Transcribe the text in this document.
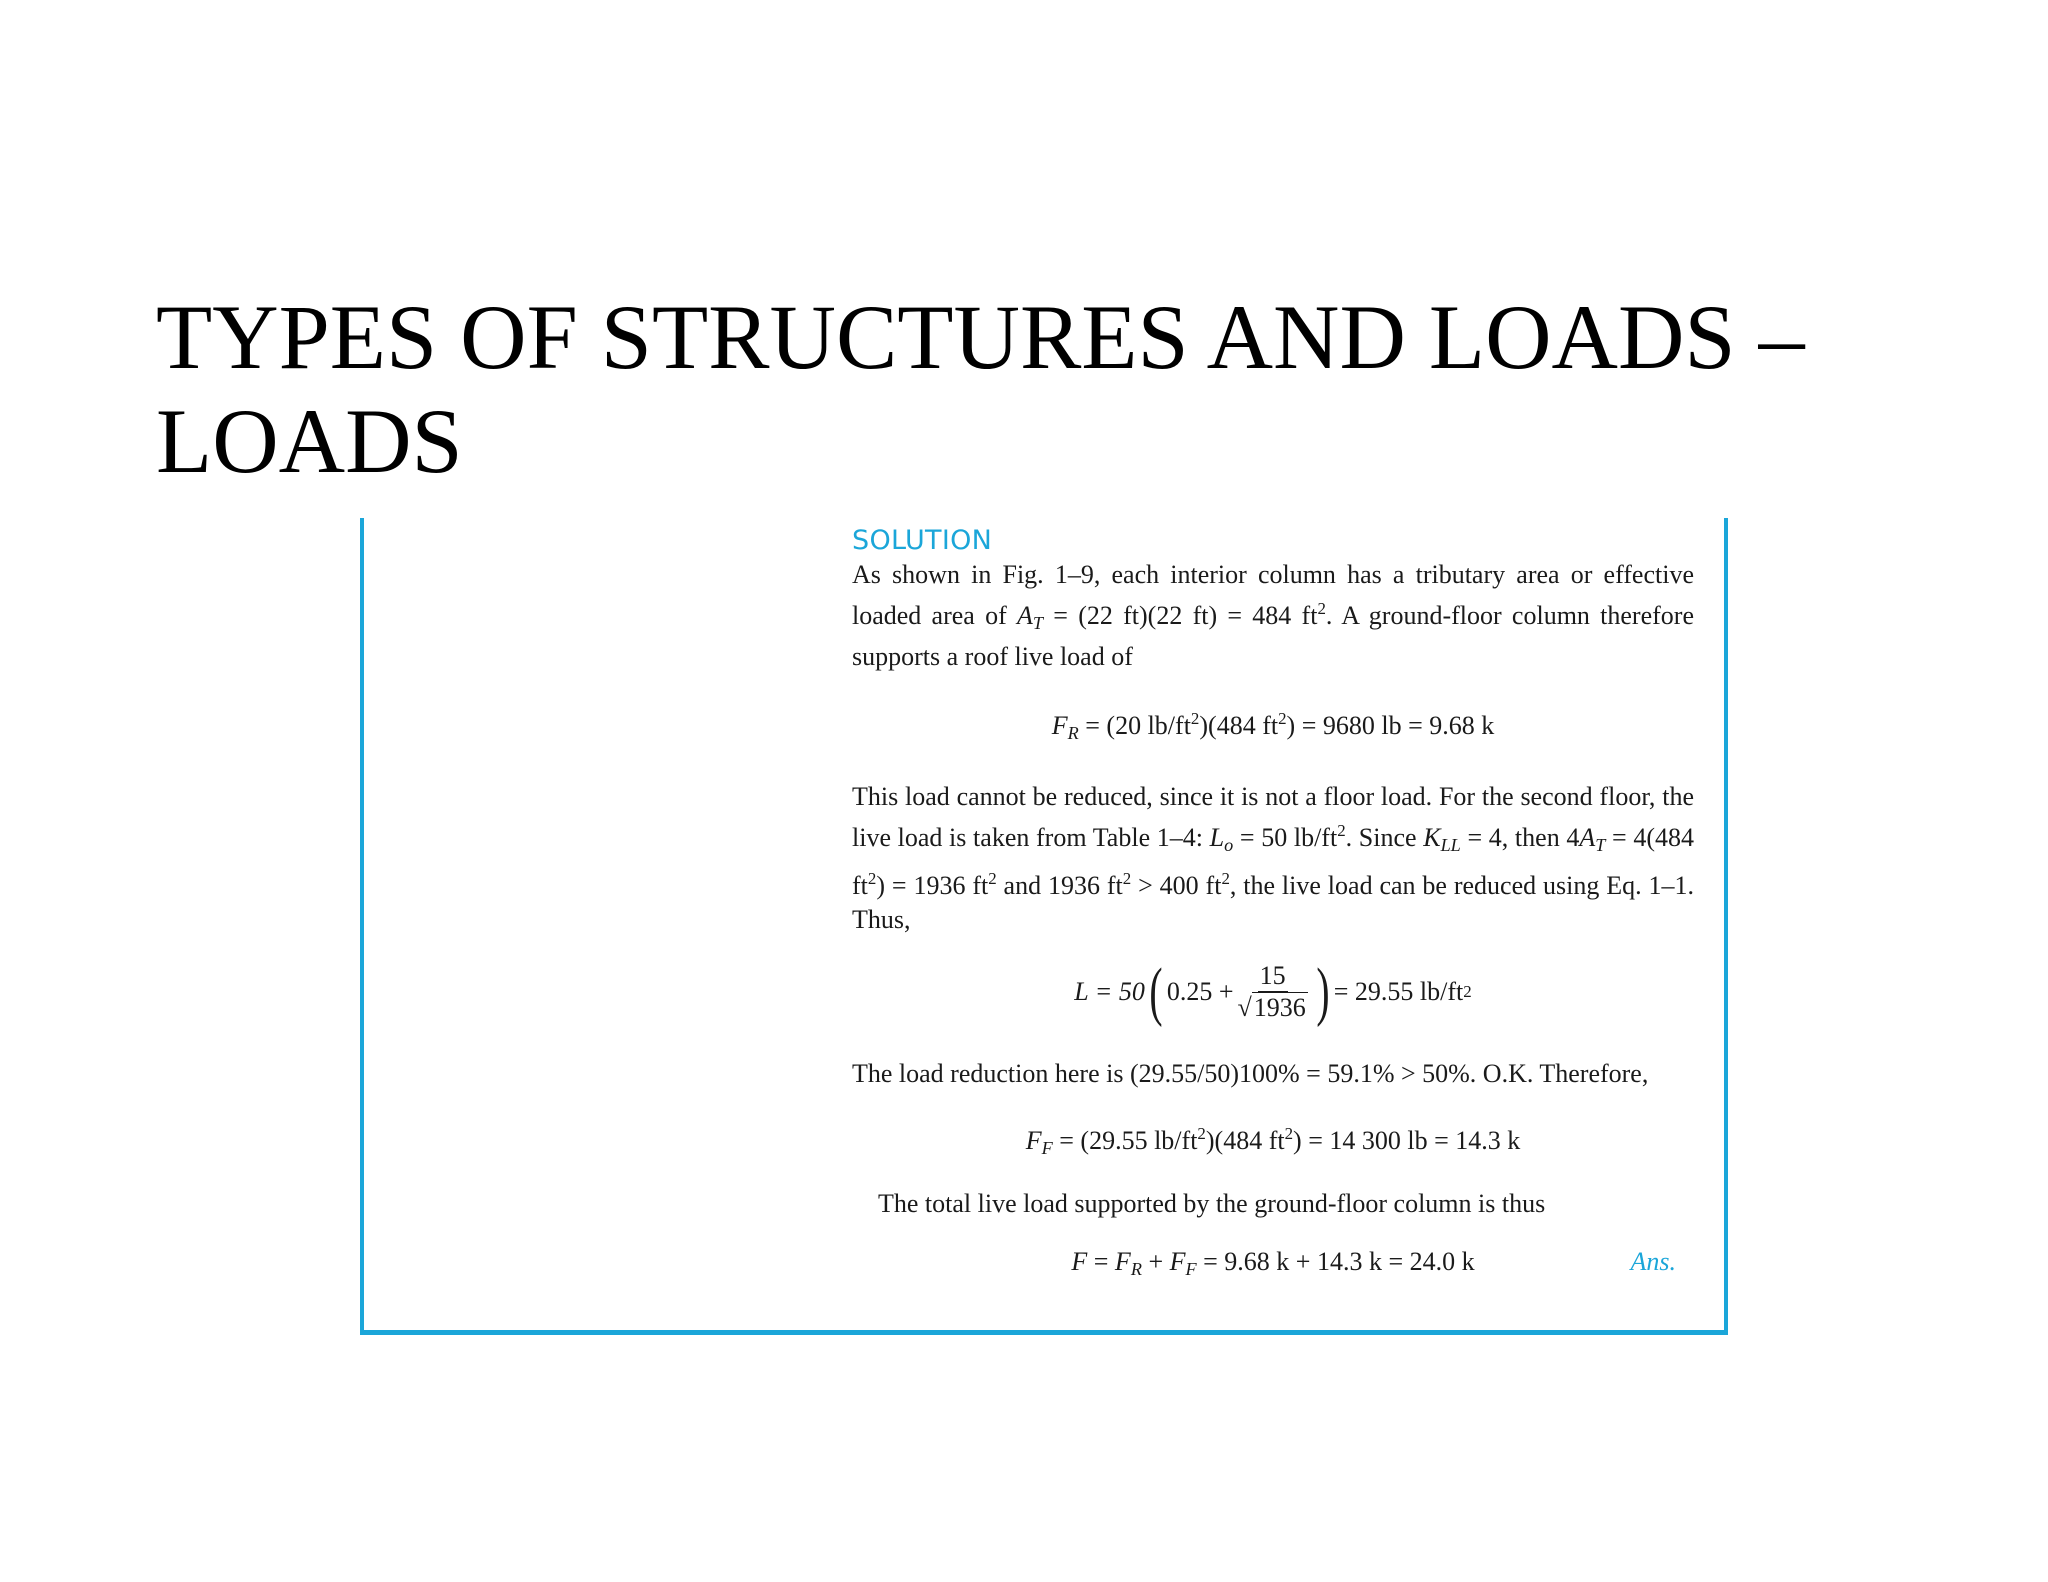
TYPES OF STRUCTURES AND LOADS – LOADS
SOLUTION

As shown in Fig. 1–9, each interior column has a tributary area or effective loaded area of $A_T = (22$ ft)(22 ft) = 484 $ft^2$. A ground-floor column therefore supports a roof live load of

$F_R = (20$ $lb/ft^2)(484$ $ft^2) = 9680$ lb = 9.68 k

This load cannot be reduced, since it is not a floor load. For the second floor, the live load is taken from Table 1–4: $L_o = 50$ $lb/ft^2$. Since $K_{LL} = 4$, then $4A_T = 4(484$ $ft^2) = 1936$ $ft^2$ and 1936 $ft^2 > 400$ $ft^2$, the live load can be reduced using Eq. 1–1. Thus,

L = 50 ( $0.25 + \frac{15}{√1936}$ ) = 29.55 lb/ft 2

The load reduction here is (29.55/50)100% = 59.1% > 50%. O.K. Therefore,

$F_F = (29.55$ $lb/ft^2)(484$ $ft^2) = 14$ 300 lb = 14.3 k

The total live load supported by the ground-floor column is thus

$F = F_R + F_F = 9.68$ k + 14.3 k = 24.0 k	Ans.
